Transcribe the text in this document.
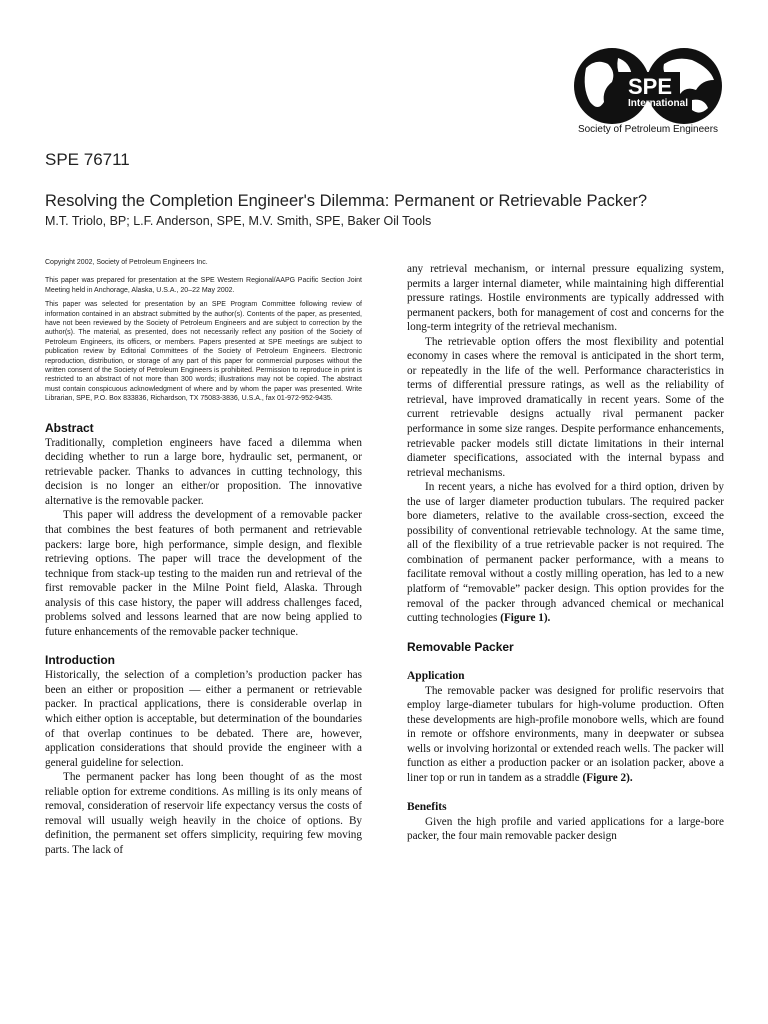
SPE
International
Society of Petroleum Engineers
SPE 76711
Resolving the Completion Engineer's Dilemma: Permanent or Retrievable Packer?
M.T. Triolo, BP; L.F. Anderson, SPE, M.V. Smith, SPE, Baker Oil Tools

Copyright 2002, Society of Petroleum Engineers Inc.

This paper was prepared for presentation at the SPE Western Regional/AAPG Pacific Section Joint Meeting held in Anchorage, Alaska, U.S.A., 20–22 May 2002.

This paper was selected for presentation by an SPE Program Committee following review of information contained in an abstract submitted by the author(s). Contents of the paper, as presented, have not been reviewed by the Society of Petroleum Engineers and are subject to correction by the author(s). The material, as presented, does not necessarily reflect any position of the Society of Petroleum Engineers, its officers, or members. Papers presented at SPE meetings are subject to publication review by Editorial Committees of the Society of Petroleum Engineers. Electronic reproduction, distribution, or storage of any part of this paper for commercial purposes without the written consent of the Society of Petroleum Engineers is prohibited. Permission to reproduce in print is restricted to an abstract of not more than 300 words; illustrations may not be copied. The abstract must contain conspicuous acknowledgment of where and by whom the paper was presented. Write Librarian, SPE, P.O. Box 833836, Richardson, TX 75083-3836, U.S.A., fax 01-972-952-9435.

Abstract

Traditionally, completion engineers have faced a dilemma when deciding whether to run a large bore, hydraulic set, permanent, or retrievable packer. Thanks to advances in cutting technology, this decision is no longer an either/or proposition. The innovative alternative is the removable packer.

This paper will address the development of a removable packer that combines the best features of both permanent and retrievable packers: large bore, high performance, simple design, and flexible retrieving options. The paper will trace the development of the technique from stack-up testing to the maiden run and retrieval of the first removable packer in the Milne Point field, Alaska. Through analysis of this case history, the paper will address challenges faced, problems solved and lessons learned that are now being applied to future enhancements of the removable packer technique.

Introduction

Historically, the selection of a completion’s production packer has been an either or proposition — either a permanent or retrievable packer. In practical applications, there is considerable overlap in which either option is acceptable, but determination of the boundaries of that overlap continues to be debated. There are, however, application considerations that should provide the engineer with a general guideline for selection.

The permanent packer has long been thought of as the most reliable option for extreme conditions. As milling is its only means of removal, consideration of reservoir life expectancy versus the costs of removal will usually weigh heavily in the choice of options. By definition, the permanent set offers simplicity, requiring few moving parts. The lack of

any retrieval mechanism, or internal pressure equalizing system, permits a larger internal diameter, while maintaining high differential pressure ratings. Hostile environments are typically addressed with permanent packers, both for management of cost and concerns for the long-term integrity of the retrieval mechanism.

The retrievable option offers the most flexibility and potential economy in cases where the removal is anticipated in the short term, or repeatedly in the life of the well. Performance characteristics in terms of differential pressure ratings, as well as the reliability of retrieval, have improved dramatically in recent years. Some of the current retrievable designs actually rival permanent packer performance in some size ranges. Despite performance enhancements, retrievable packer models still dictate limitations in their internal diameter specifications, associated with the internal bypass and retrieval mechanisms.

In recent years, a niche has evolved for a third option, driven by the use of larger diameter production tubulars. The required packer bore diameters, relative to the available cross-section, exceed the possibility of conventional retrievable technology. At the same time, all of the flexibility of a true retrievable packer is not required. The combination of permanent packer performance, with a means to facilitate removal without a costly milling operation, has led to a new platform of “removable” packer design. This option provides for the removal of the packer through advanced chemical or mechanical cutting technologies (Figure 1).

Removable Packer
Application

The removable packer was designed for prolific reservoirs that employ large-diameter tubulars for high-volume production. Often these developments are high-profile monobore wells, which are found in remote or offshore environments, many in deepwater or subsea wells or involving horizontal or extended reach wells. The packer will function as either a production packer or an isolation packer, above a liner top or run in tandem as a straddle (Figure 2).

Benefits

Given the high profile and varied applications for a large-bore packer, the four main removable packer design
